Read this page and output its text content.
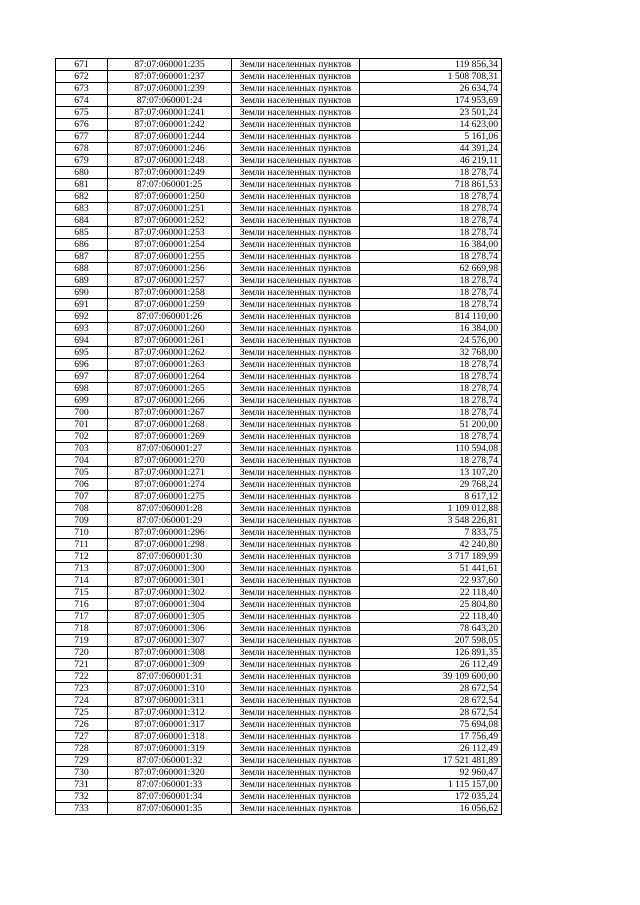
671	87:07:060001:235	Земли населенных пунктов	119 856,34
672	87:07:060001:237	Земли населенных пунктов	1 508 708,31
673	87:07:060001:239	Земли населенных пунктов	26 634,74
674	87:07:060001:24	Земли населенных пунктов	174 953,69
675	87:07:060001:241	Земли населенных пунктов	23 501,24
676	87:07:060001:242	Земли населенных пунктов	14 623,00
677	87:07:060001:244	Земли населенных пунктов	5 161,06
678	87:07:060001:246	Земли населенных пунктов	44 391,24
679	87:07:060001:248	Земли населенных пунктов	46 219,11
680	87:07:060001:249	Земли населенных пунктов	18 278,74
681	87:07:060001:25	Земли населенных пунктов	718 861,53
682	87:07:060001:250	Земли населенных пунктов	18 278,74
683	87:07:060001:251	Земли населенных пунктов	18 278,74
684	87:07:060001:252	Земли населенных пунктов	18 278,74
685	87:07:060001:253	Земли населенных пунктов	18 278,74
686	87:07:060001:254	Земли населенных пунктов	16 384,00
687	87:07:060001:255	Земли населенных пунктов	18 278,74
688	87:07:060001:256	Земли населенных пунктов	62 669,98
689	87:07:060001:257	Земли населенных пунктов	18 278,74
690	87:07:060001:258	Земли населенных пунктов	18 278,74
691	87:07:060001:259	Земли населенных пунктов	18 278,74
692	87:07:060001:26	Земли населенных пунктов	814 110,00
693	87:07:060001:260	Земли населенных пунктов	16 384,00
694	87:07:060001:261	Земли населенных пунктов	24 576,00
695	87:07:060001:262	Земли населенных пунктов	32 768,00
696	87:07:060001:263	Земли населенных пунктов	18 278,74
697	87:07:060001:264	Земли населенных пунктов	18 278,74
698	87:07:060001:265	Земли населенных пунктов	18 278,74
699	87:07:060001:266	Земли населенных пунктов	18 278,74
700	87:07:060001:267	Земли населенных пунктов	18 278,74
701	87:07:060001:268	Земли населенных пунктов	51 200,00
702	87:07:060001:269	Земли населенных пунктов	18 278,74
703	87:07:060001:27	Земли населенных пунктов	110 594,08
704	87:07:060001:270	Земли населенных пунктов	18 278,74
705	87:07:060001:271	Земли населенных пунктов	13 107,20
706	87:07:060001:274	Земли населенных пунктов	29 768,24
707	87:07:060001:275	Земли населенных пунктов	8 617,12
708	87:07:060001:28	Земли населенных пунктов	1 109 012,88
709	87:07:060001:29	Земли населенных пунктов	3 548 226,81
710	87:07:060001:296	Земли населенных пунктов	7 833,75
711	87:07:060001:298	Земли населенных пунктов	42 240,80
712	87:07:060001:30	Земли населенных пунктов	3 717 189,99
713	87:07:060001:300	Земли населенных пунктов	51 441,61
714	87:07:060001:301	Земли населенных пунктов	22 937,60
715	87:07:060001:302	Земли населенных пунктов	22 118,40
716	87:07:060001:304	Земли населенных пунктов	25 804,80
717	87:07:060001:305	Земли населенных пунктов	22 118,40
718	87:07:060001:306	Земли населенных пунктов	78 643,20
719	87:07:060001:307	Земли населенных пунктов	207 598,05
720	87:07:060001:308	Земли населенных пунктов	126 891,35
721	87:07:060001:309	Земли населенных пунктов	26 112,49
722	87:07:060001:31	Земли населенных пунктов	39 109 600,00
723	87:07:060001:310	Земли населенных пунктов	28 672,54
724	87:07:060001:311	Земли населенных пунктов	28 672,54
725	87:07:060001:312	Земли населенных пунктов	28 672,54
726	87:07:060001:317	Земли населенных пунктов	75 694,08
727	87:07:060001:318	Земли населенных пунктов	17 756,49
728	87:07:060001:319	Земли населенных пунктов	26 112,49
729	87:07:060001:32	Земли населенных пунктов	17 521 481,89
730	87:07:060001:320	Земли населенных пунктов	92 960,47
731	87:07:060001:33	Земли населенных пунктов	1 115 157,00
732	87:07:060001:34	Земли населенных пунктов	172 035,24
733	87:07:060001:35	Земли населенных пунктов	16 056,62
